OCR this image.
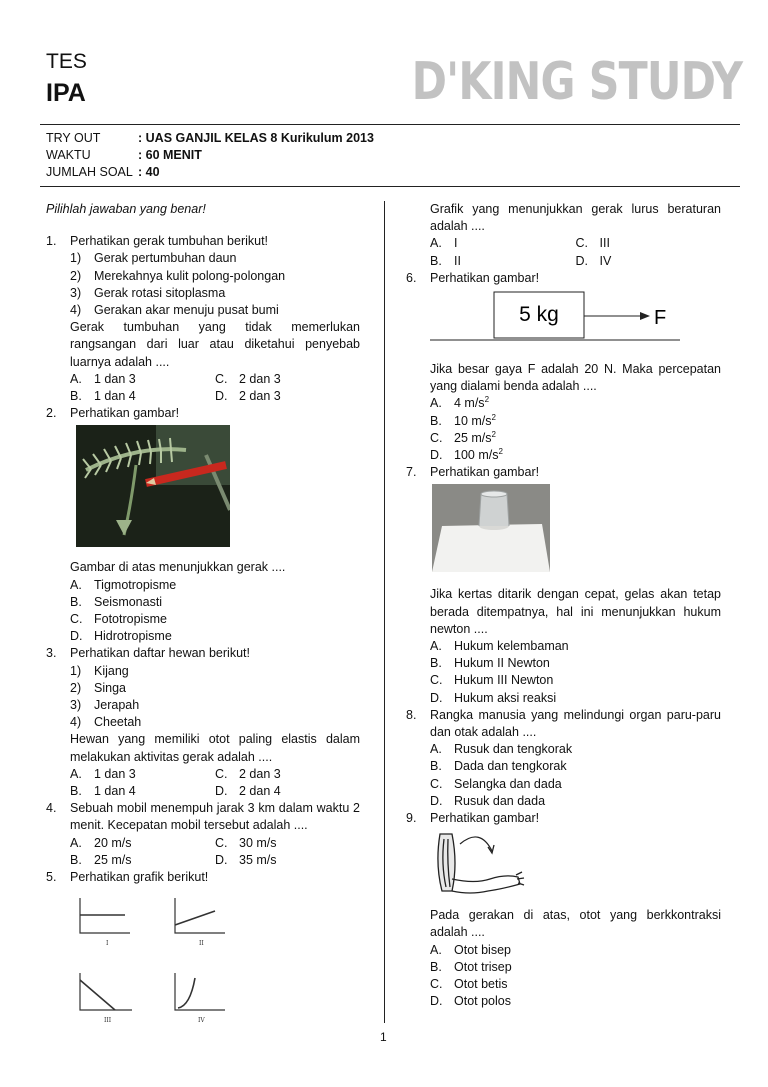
TES
IPA	D'KING STUDY
TRY OUT	: UAS GANJIL KELAS 8 Kurikulum 2013
WAKTU	: 60 MENIT
JUMLAH SOAL : 40

Pilihlah jawaban yang benar!

1. Perhatikan gerak tumbuhan berikut!

1) Gerak pertumbuhan daun
2) Merekahnya kulit polong-polongan
3) Gerak rotasi sitoplasma
4) Gerakan akar menuju pusat bumi

Gerak tumbuhan yang tidak memerlukan rangsangan dari luar atau diketahui penyebab luarnya adalah ....

A. 1 dan 3	C. 2 dan 3
B. 1 dan 4	D. 2 dan 3
2. Perhatikan gambar!

Gambar di atas menunjukkan gerak ....

A. Tigmotropisme
B. Seismonasti
C. Fototropisme
D. Hidrotropisme
3. Perhatikan daftar hewan berikut!

1) Kijang
2) Singa
3) Jerapah
4) Cheetah

Hewan yang memiliki otot paling elastis dalam melakukan aktivitas gerak adalah ....

A. 1 dan 3	C. 2 dan 3
B. 1 dan 4	D. 2 dan 4
4. Sebuah mobil menempuh jarak 3 km dalam waktu 2 menit. Kecepatan mobil tersebut adalah ....

A. 20 m/s	C. 30 m/s
B. 25 m/s	D. 35 m/s
5. Perhatikan grafik berikut!

I	II
III	IV

Grafik yang menunjukkan gerak lurus beraturan adalah ....

A. I	C. III
B. II	D. IV
6. Perhatikan gambar!

5 kg	F

Jika besar gaya F adalah 20 N. Maka percepatan yang dialami benda adalah ....

A. 4 $m/s^2$
B. 10 $m/s^2$
C. 25 $m/s^2$
D. 100 $m/s^2$
7. Perhatikan gambar!

Jika kertas ditarik dengan cepat, gelas akan tetap berada ditempatnya, hal ini menunjukkan hukum newton ....

A. Hukum kelembaman
B. Hukum II Newton
C. Hukum III Newton
D. Hukum aksi reaksi
8. Rangka manusia yang melindungi organ paru-paru dan otak adalah ....

A. Rusuk dan tengkorak
B. Dada dan tengkorak
C. Selangka dan dada
D. Rusuk dan dada
9. Perhatikan gambar!

Pada gerakan di atas, otot yang berkkontraksi adalah ....

A. Otot bisep
B. Otot trisep
C. Otot betis
D. Otot polos
1
